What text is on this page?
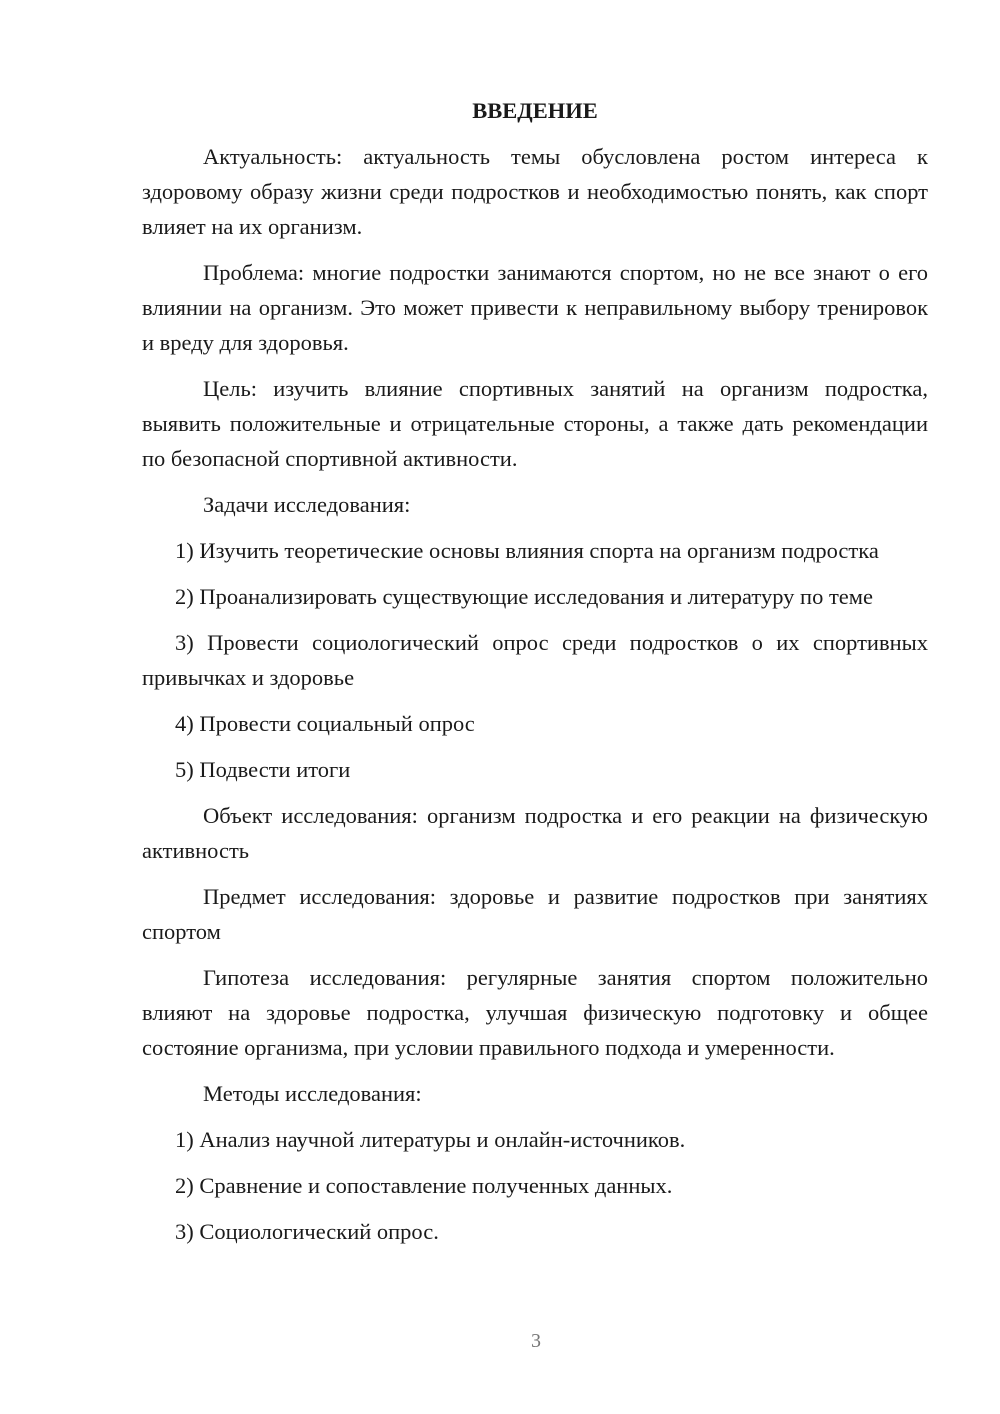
ВВЕДЕНИЕ

Актуальность: актуальность темы обусловлена ростом интереса к здоровому образу жизни среди подростков и необходимостью понять, как спорт влияет на их организм.

Проблема: многие подростки занимаются спортом, но не все знают о его влиянии на организм. Это может привести к неправильному выбору тренировок и вреду для здоровья.

Цель: изучить влияние спортивных занятий на организм подростка, выявить положительные и отрицательные стороны, а также дать рекомендации по безопасной спортивной активности.

Задачи исследования:

1) Изучить теоретические основы влияния спорта на организм подростка

2) Проанализировать существующие исследования и литературу по теме

3) Провести социологический опрос среди подростков о их спортивных привычках и здоровье

4) Провести социальный опрос

5) Подвести итоги

Объект исследования: организм подростка и его реакции на физическую активность

Предмет исследования: здоровье и развитие подростков при занятиях спортом

Гипотеза исследования: регулярные занятия спортом положительно влияют на здоровье подростка, улучшая физическую подготовку и общее состояние организма, при условии правильного подхода и умеренности.

Методы исследования:

1) Анализ научной литературы и онлайн-источников.

2) Сравнение и сопоставление полученных данных.

3) Социологический опрос.

3
